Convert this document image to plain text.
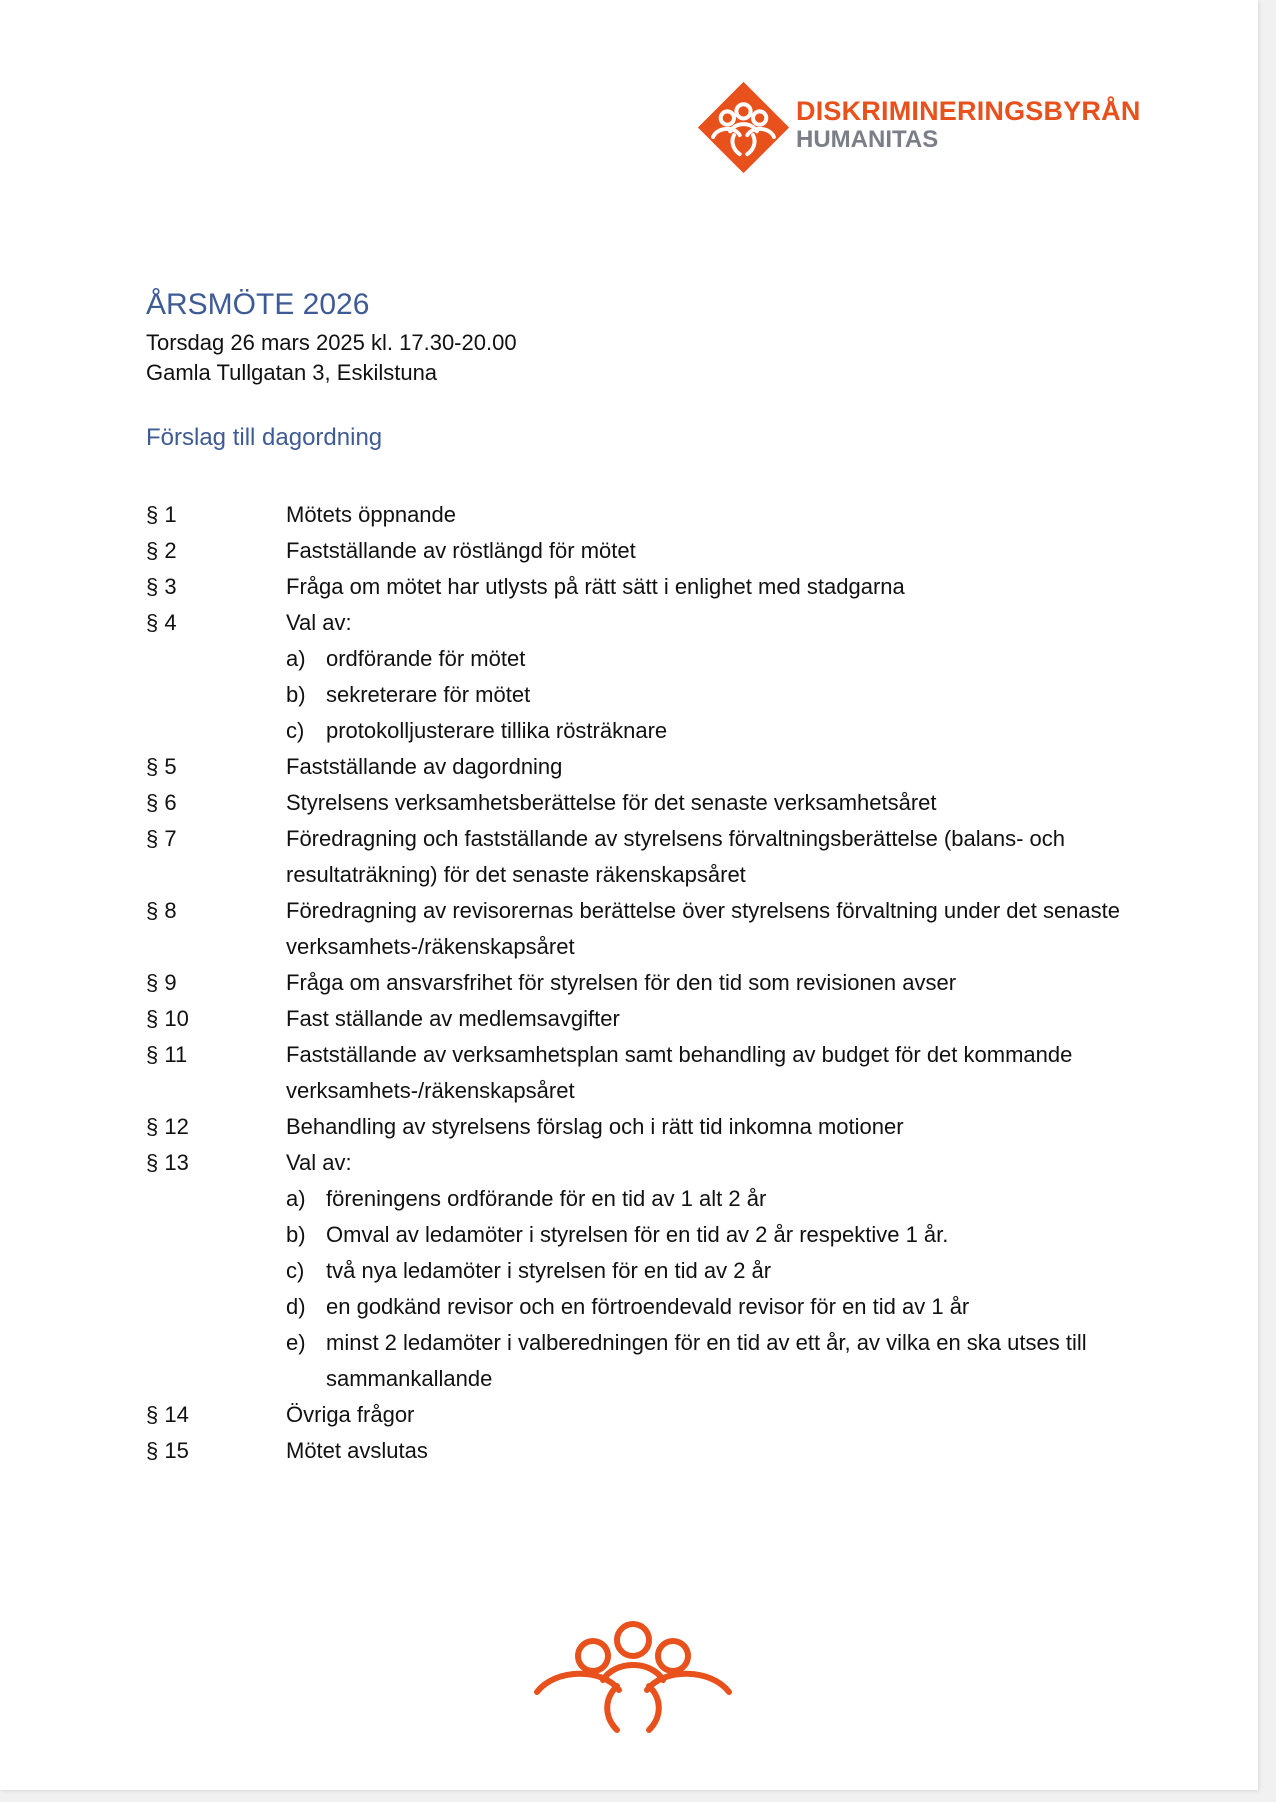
DISKRIMINERINGSBYRÅN
HUMANITAS
ÅRSMÖTE 2026
Torsdag 26 mars 2025 kl. 17.30-20.00
Gamla Tullgatan 3, Eskilstuna
Förslag till dagordning
§ 1	Mötets öppnande
§ 2	Fastställande av röstlängd för mötet
§ 3	Fråga om mötet har utlysts på rätt sätt i enlighet med stadgarna
§ 4	Val av:
a) ordförande för mötet
b) sekreterare för mötet
c) protokolljusterare tillika rösträknare
§ 5	Fastställande av dagordning
§ 6	Styrelsens verksamhetsberättelse för det senaste verksamhetsåret
§ 7	Föredragning och fastställande av styrelsens förvaltningsberättelse (balans- och resultaträkning) för det senaste räkenskapsåret
§ 8	Föredragning av revisorernas berättelse över styrelsens förvaltning under det senaste verksamhets-/räkenskapsåret
§ 9	Fråga om ansvarsfrihet för styrelsen för den tid som revisionen avser
§ 10	Fast ställande av medlemsavgifter
§ 11	Fastställande av verksamhetsplan samt behandling av budget för det kommande verksamhets-/räkenskapsåret
§ 12	Behandling av styrelsens förslag och i rätt tid inkomna motioner
§ 13	Val av:
a) föreningens ordförande för en tid av 1 alt 2 år
b) Omval av ledamöter i styrelsen för en tid av 2 år respektive 1 år.
c) två nya ledamöter i styrelsen för en tid av 2 år
d) en godkänd revisor och en förtroendevald revisor för en tid av 1 år
e) minst 2 ledamöter i valberedningen för en tid av ett år, av vilka en ska utses till sammankallande
§ 14	Övriga frågor
§ 15	Mötet avslutas
